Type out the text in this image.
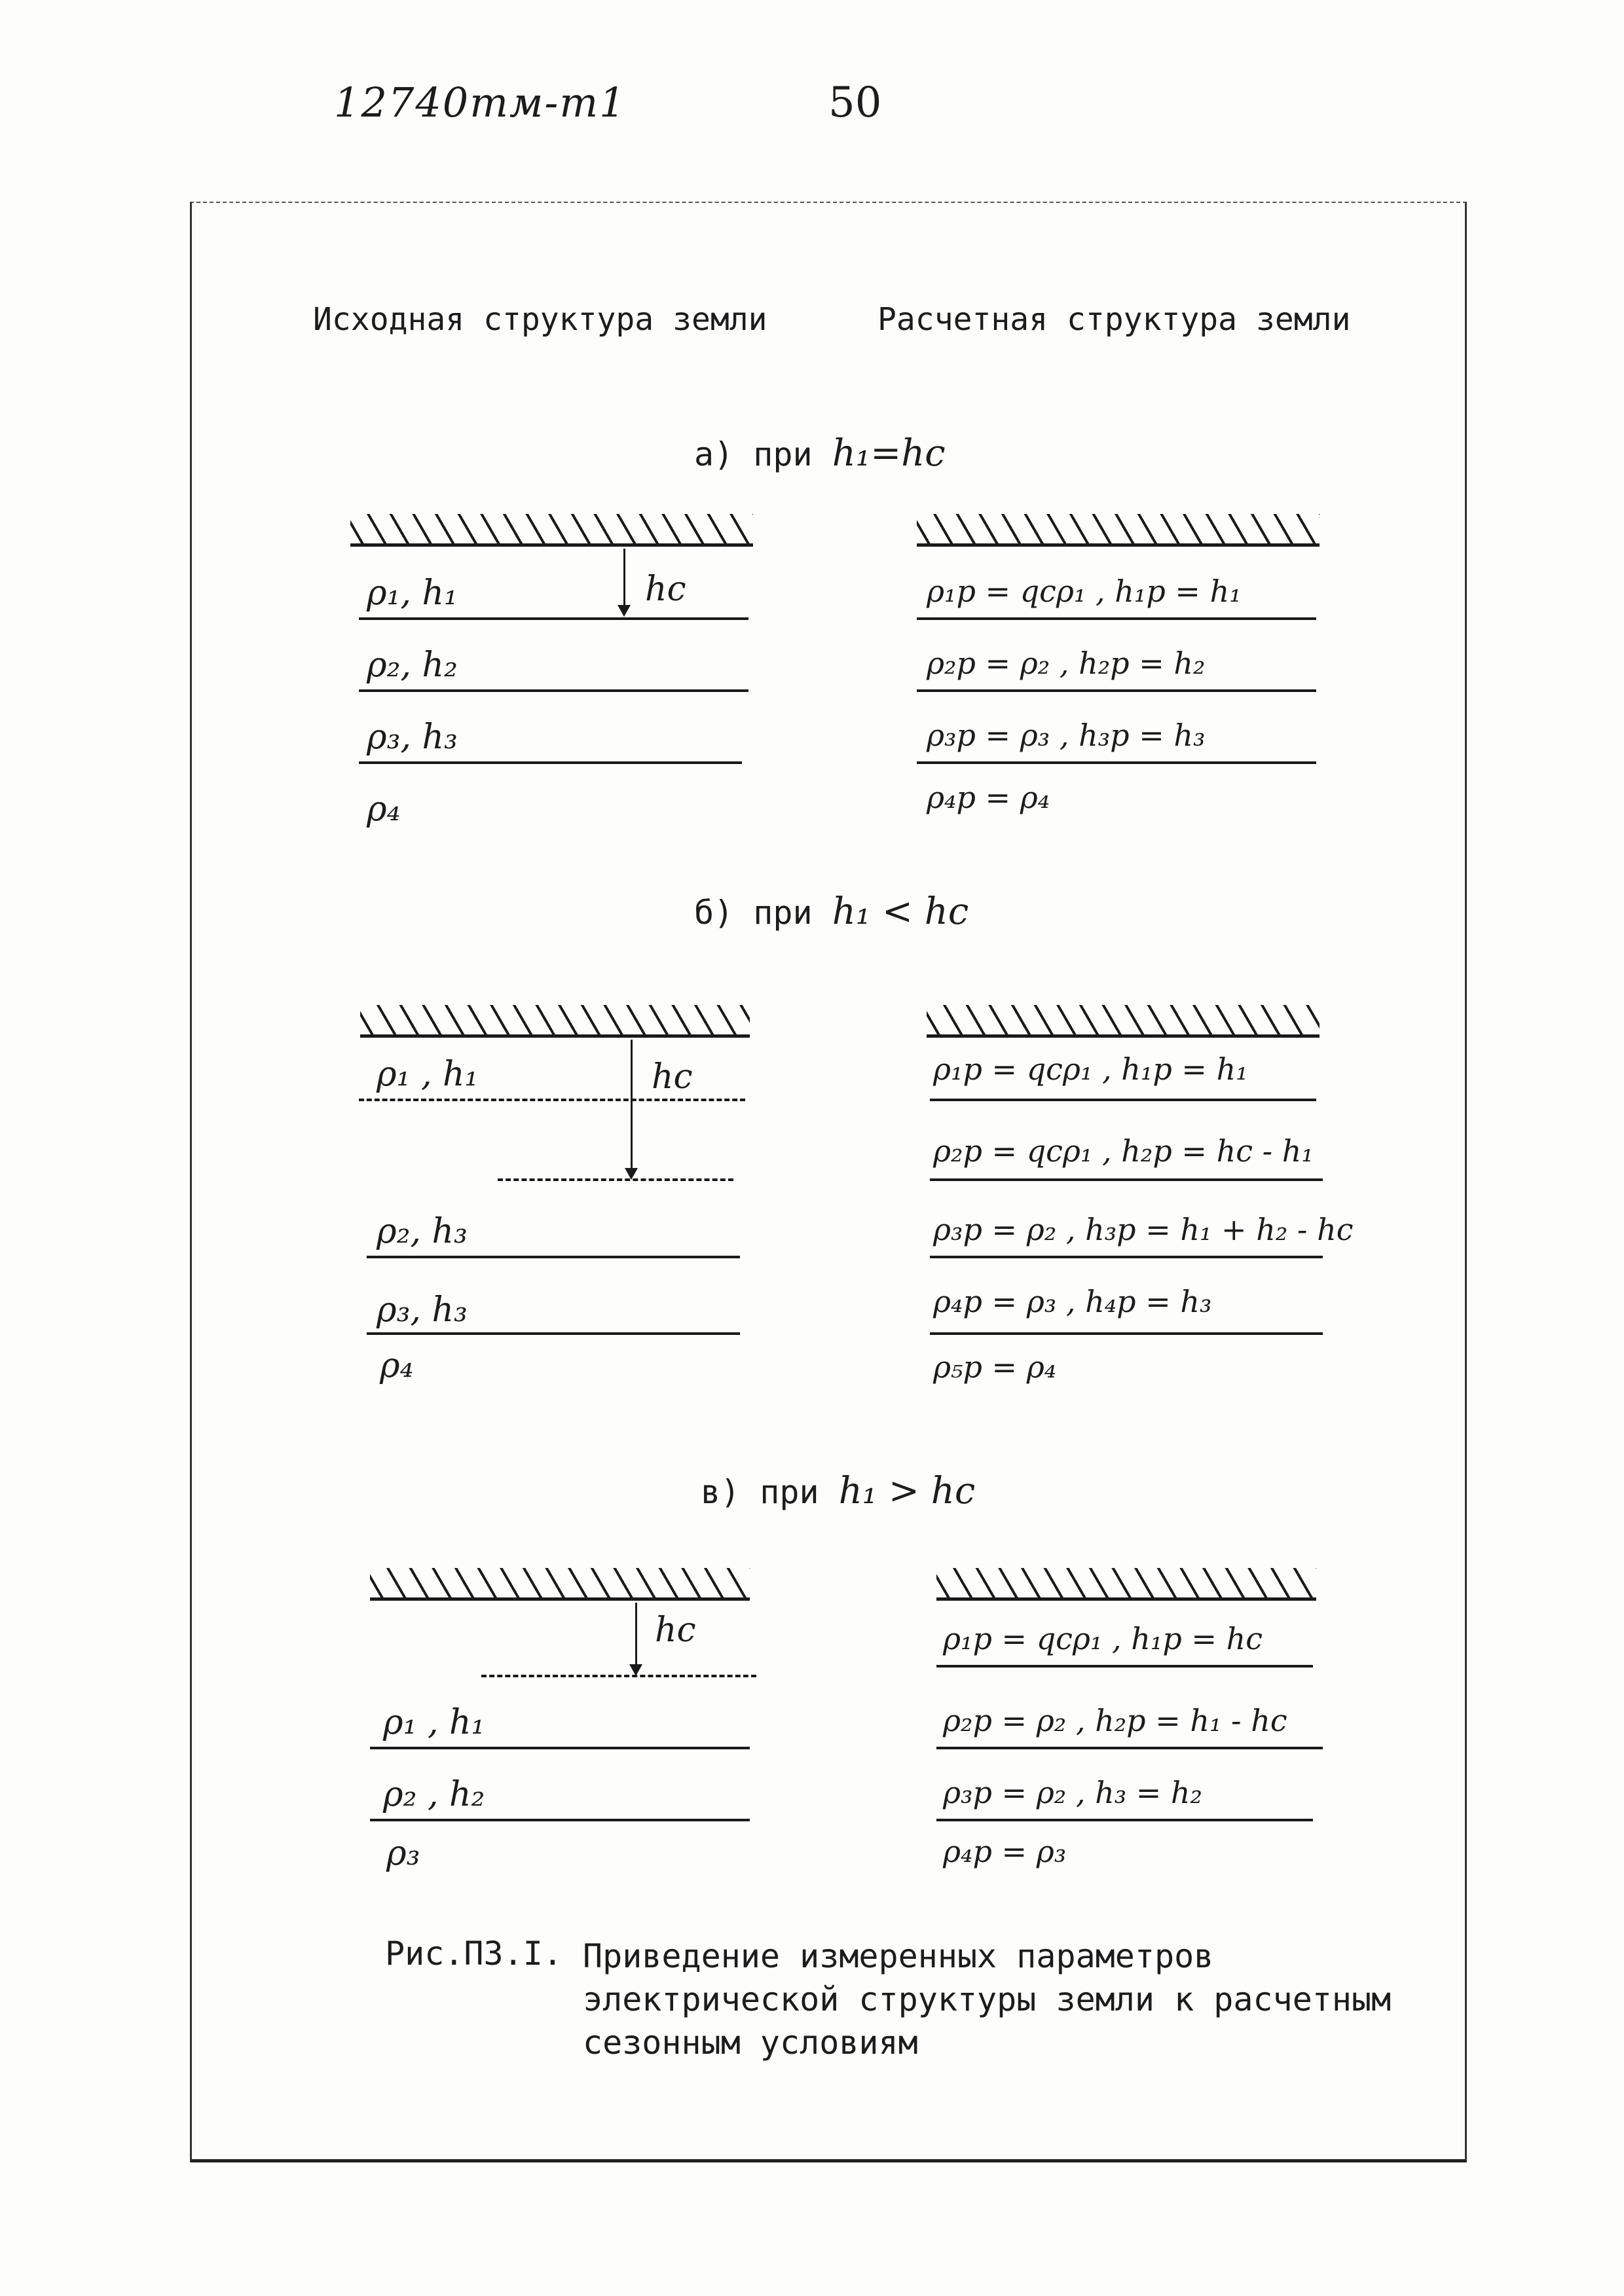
12740тм-т1	50
Исходная структура земли	Расчетная структура земли
а) при h₁=hc
ρ₁, h₁	hc
ρ₂, h₂
ρ₃, h₃
ρ₄
ρ₁р = qcρ₁ , h₁р = h₁
ρ₂р = ρ₂ , h₂р = h₂
ρ₃р = ρ₃ , h₃р = h₃
ρ₄р = ρ₄
б) при h₁ < hc
ρ₁ , h₁	hc
ρ₂, h₃
ρ₃, h₃
ρ₄
ρ₁р = qcρ₁ , h₁р = h₁
ρ₂р = qcρ₁ , h₂р = hc - h₁
ρ₃р = ρ₂ , h₃р = h₁ + h₂ - hc
ρ₄р = ρ₃ , h₄р = h₃
ρ₅р = ρ₄
в) при h₁ > hc
hc
ρ₁ , h₁
ρ₂ , h₂
ρ₃
ρ₁р = qcρ₁ , h₁р = hc
ρ₂р = ρ₂ , h₂р = h₁ - hc
ρ₃р = ρ₂ , h₃ = h₂
ρ₄р = ρ₃
Рис.П3.I. Приведение измеренных параметров электрической структуры земли к расчетным сезонным условиям
